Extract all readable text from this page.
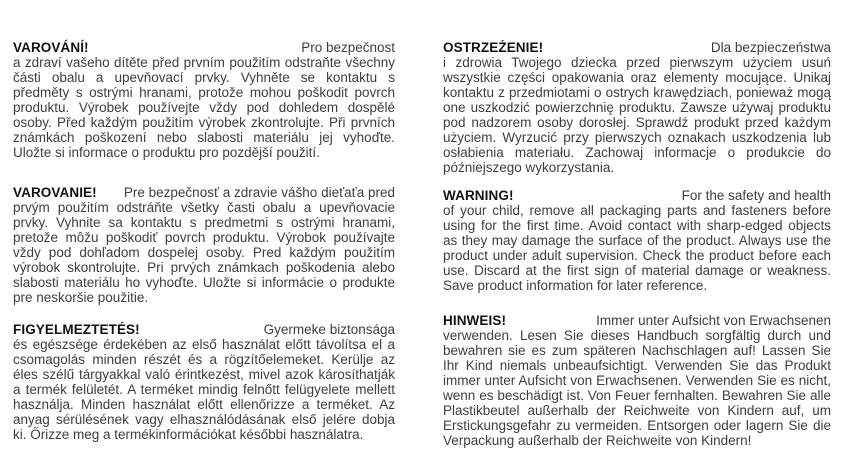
VAROVÁNÍ!	Pro bezpečnost

a zdraví vašeho dítěte před prvním použitím odstraňte všechny části obalu a upevňovací prvky. Vyhněte se kontaktu s předměty s ostrými hranami, protože mohou poškodit povrch produktu. Výrobek používejte vždy pod dohledem dospělé osoby. Před každým použitím výrobek zkontrolujte. Při prvních známkách poškození nebo slabosti materiálu jej vyhoďte. Uložte si informace o produktu pro pozdější použití.

VAROVANIE! Pre bezpečnosť a zdravie vášho dieťaťa pred

prvým použitím odstráňte všetky časti obalu a upevňovacie prvky. Vyhnite sa kontaktu s predmetmi s ostrými hranami, pretože môžu poškodiť povrch produktu. Výrobok používajte vždy pod dohľadom dospelej osoby. Pred každým použitím výrobok skontrolujte. Pri prvých známkach poškodenia alebo slabosti materiálu ho vyhoďte. Uložte si informácie o produkte pre neskoršie použitie.

FIGYELMEZTETÉS!	Gyermeke biztonsága

és egészsége érdekében az első használat előtt távolítsa el a csomagolás minden részét és a rögzítőelemeket. Kerülje az éles szélű tárgyakkal való érintkezést, mivel azok károsíthatják a termék felületét. A terméket mindig felnőtt felügyelete mellett használja. Minden használat előtt ellenőrizze a terméket. Az anyag sérülésének vagy elhasználódásának első jelére dobja ki. Őrizze meg a termékinformációkat későbbi használatra.

OSTRZEŻENIE!	Dla bezpieczeństwa

i zdrowia Twojego dziecka przed pierwszym użyciem usuń wszystkie części opakowania oraz elementy mocujące. Unikaj kontaktu z przedmiotami o ostrych krawędziach, ponieważ mogą one uszkodzić powierzchnię produktu. Zawsze używaj produktu pod nadzorem osoby dorosłej. Sprawdź produkt przed każdym użyciem. Wyrzucić przy pierwszych oznakach uszkodzenia lub osłabienia materiału. Zachowaj informacje o produkcie do późniejszego wykorzystania.

WARNING!	For the safety and health

of your child, remove all packaging parts and fasteners before using for the first time. Avoid contact with sharp-edged objects as they may damage the surface of the product. Always use the product under adult supervision. Check the product before each use. Discard at the first sign of material damage or weakness. Save product information for later reference.

HINWEIS!	Immer unter Aufsicht von Erwachsenen

verwenden. Lesen Sie dieses Handbuch sorgfältig durch und bewahren sie es zum späteren Nachschlagen auf! Lassen Sie Ihr Kind niemals unbeaufsichtigt. Verwenden Sie das Produkt immer unter Aufsicht von Erwachsenen. Verwenden Sie es nicht, wenn es beschädigt ist. Von Feuer fernhalten. Bewahren Sie alle Plastikbeutel außerhalb der Reichweite von Kindern auf, um Erstickungsgefahr zu vermeiden. Entsorgen oder lagern Sie die Verpackung außerhalb der Reichweite von Kindern!
